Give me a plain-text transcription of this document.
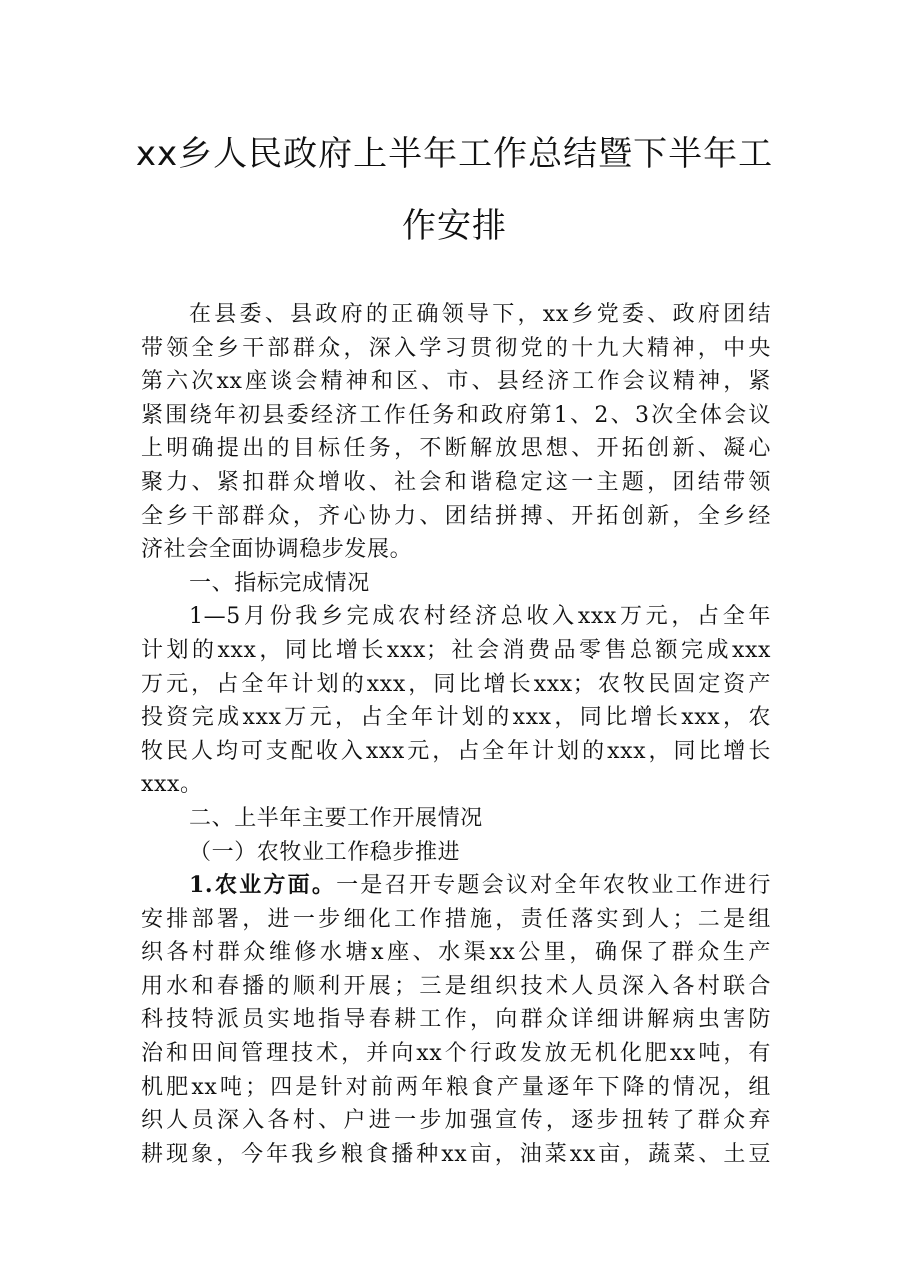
xx乡人民政府上半年工作总结暨下半年工
作安排
在县委、县政府的正确领导下，xx乡党委、政府团结
带领全乡干部群众，深入学习贯彻党的十九大精神，中央
第六次xx座谈会精神和区、市、县经济工作会议精神，紧
紧围绕年初县委经济工作任务和政府第1、2、3次全体会议
上明确提出的目标任务，不断解放思想、开拓创新、凝心
聚力、紧扣群众增收、社会和谐稳定这一主题，团结带领
全乡干部群众，齐心协力、团结拼搏、开拓创新，全乡经
济社会全面协调稳步发展。
一、指标完成情况
1—5月份我乡完成农村经济总收入xxx万元，占全年
计划的xxx，同比增长xxx；社会消费品零售总额完成xxx
万元，占全年计划的xxx，同比增长xxx；农牧民固定资产
投资完成xxx万元，占全年计划的xxx，同比增长xxx，农
牧民人均可支配收入xxx元，占全年计划的xxx，同比增长
xxx。
二、上半年主要工作开展情况
（一）农牧业工作稳步推进
1.农业方面。一是召开专题会议对全年农牧业工作进行
安排部署，进一步细化工作措施，责任落实到人；二是组
织各村群众维修水塘x座、水渠xx公里，确保了群众生产
用水和春播的顺利开展；三是组织技术人员深入各村联合
科技特派员实地指导春耕工作，向群众详细讲解病虫害防
治和田间管理技术，并向xx个行政发放无机化肥xx吨，有
机肥xx吨；四是针对前两年粮食产量逐年下降的情况，组
织人员深入各村、户进一步加强宣传，逐步扭转了群众弃
耕现象，今年我乡粮食播种xx亩，油菜xx亩，蔬菜、土豆
